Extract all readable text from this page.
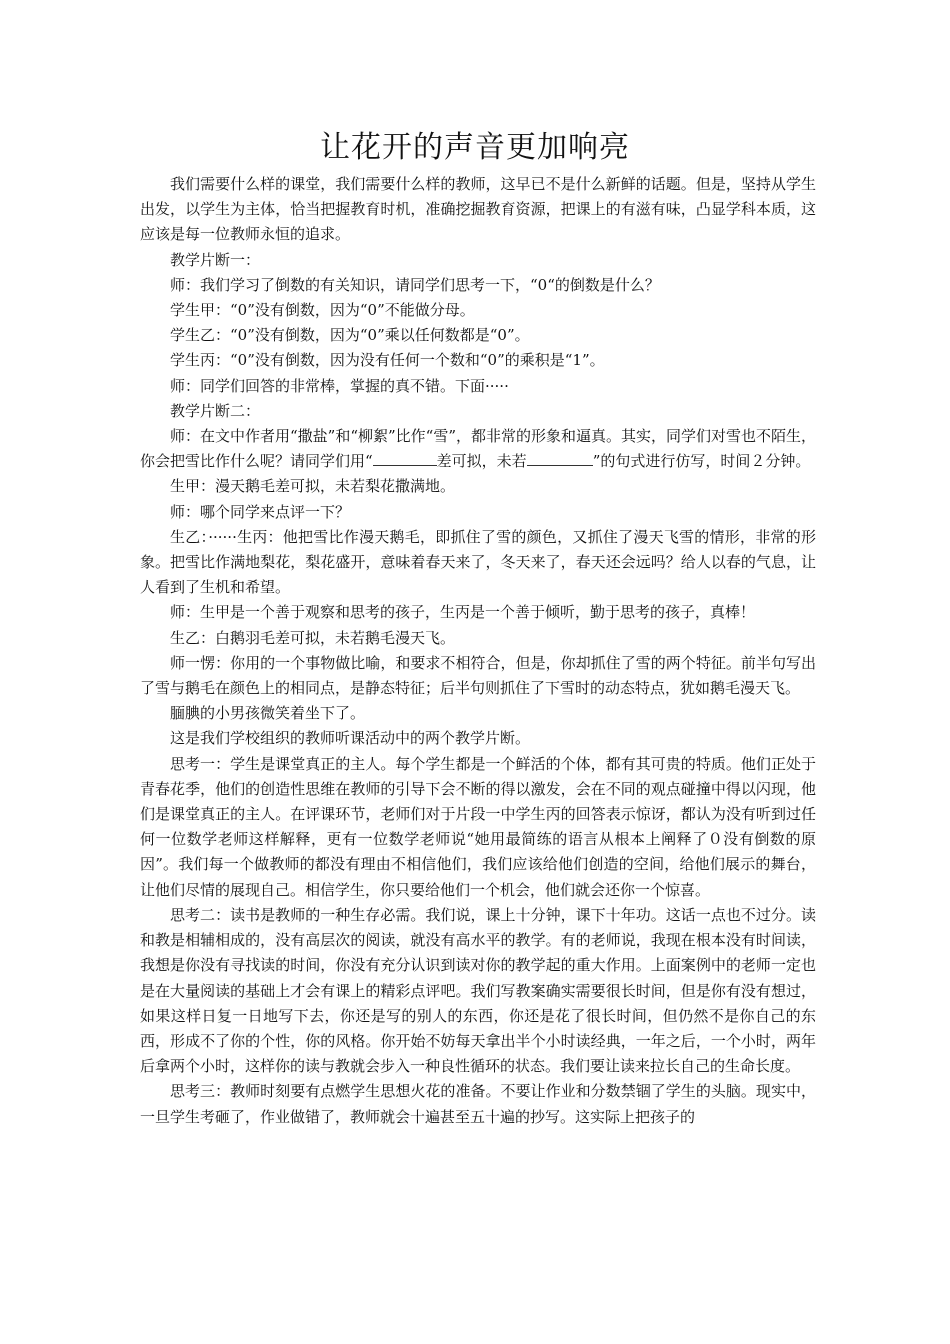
让花开的声音更加响亮

我们需要什么样的课堂，我们需要什么样的教师，这早已不是什么新鲜的话题。但是，坚持从学生出发，以学生为主体，恰当把握教育时机，准确挖掘教育资源，把课上的有滋有味，凸显学科本质，这应该是每一位教师永恒的追求。

教学片断一：

师：我们学习了倒数的有关知识，请同学们思考一下，“0“的倒数是什么？

学生甲：“0”没有倒数，因为“0”不能做分母。

学生乙：“0”没有倒数，因为“0”乘以任何数都是“0”。

学生丙：“0”没有倒数，因为没有任何一个数和“0”的乘积是“1”。

师：同学们回答的非常棒，掌握的真不错。下面·····

教学片断二：

师：在文中作者用“撒盐”和“柳絮”比作“雪”，都非常的形象和逼真。其实，同学们对雪也不陌生，你会把雪比作什么呢？请同学们用“	差可拟，未若	”的句式进行仿写，时间２分钟。

生甲：漫天鹅毛差可拟，未若梨花撒满地。

师：哪个同学来点评一下？

生乙：······生丙：他把雪比作漫天鹅毛，即抓住了雪的颜色，又抓住了漫天飞雪的情形，非常的形象。把雪比作满地梨花，梨花盛开，意味着春天来了，冬天来了，春天还会远吗？给人以春的气息，让人看到了生机和希望。

师：生甲是一个善于观察和思考的孩子，生丙是一个善于倾听，勤于思考的孩子，真棒！

生乙：白鹅羽毛差可拟，未若鹅毛漫天飞。

师一愣：你用的一个事物做比喻，和要求不相符合，但是，你却抓住了雪的两个特征。前半句写出了雪与鹅毛在颜色上的相同点，是静态特征；后半句则抓住了下雪时的动态特点，犹如鹅毛漫天飞。

腼腆的小男孩微笑着坐下了。

这是我们学校组织的教师听课活动中的两个教学片断。

思考一：学生是课堂真正的主人。每个学生都是一个鲜活的个体，都有其可贵的特质。他们正处于青春花季，他们的创造性思维在教师的引导下会不断的得以激发，会在不同的观点碰撞中得以闪现，他们是课堂真正的主人。在评课环节，老师们对于片段一中学生丙的回答表示惊讶，都认为没有听到过任何一位数学老师这样解释，更有一位数学老师说“她用最简练的语言从根本上阐释了０没有倒数的原因”。我们每一个做教师的都没有理由不相信他们，我们应该给他们创造的空间，给他们展示的舞台，让他们尽情的展现自己。相信学生，你只要给他们一个机会，他们就会还你一个惊喜。

思考二：读书是教师的一种生存必需。我们说，课上十分钟，课下十年功。这话一点也不过分。读和教是相辅相成的，没有高层次的阅读，就没有高水平的教学。有的老师说，我现在根本没有时间读，我想是你没有寻找读的时间，你没有充分认识到读对你的教学起的重大作用。上面案例中的老师一定也是在大量阅读的基础上才会有课上的精彩点评吧。我们写教案确实需要很长时间，但是你有没有想过，如果这样日复一日地写下去，你还是写的别人的东西，你还是花了很长时间，但仍然不是你自己的东西，形成不了你的个性，你的风格。你开始不妨每天拿出半个小时读经典，一年之后，一个小时，两年后拿两个小时，这样你的读与教就会步入一种良性循环的状态。我们要让读来拉长自己的生命长度。

思考三：教师时刻要有点燃学生思想火花的准备。不要让作业和分数禁锢了学生的头脑。现实中，一旦学生考砸了，作业做错了，教师就会十遍甚至五十遍的抄写。这实际上把孩子的
